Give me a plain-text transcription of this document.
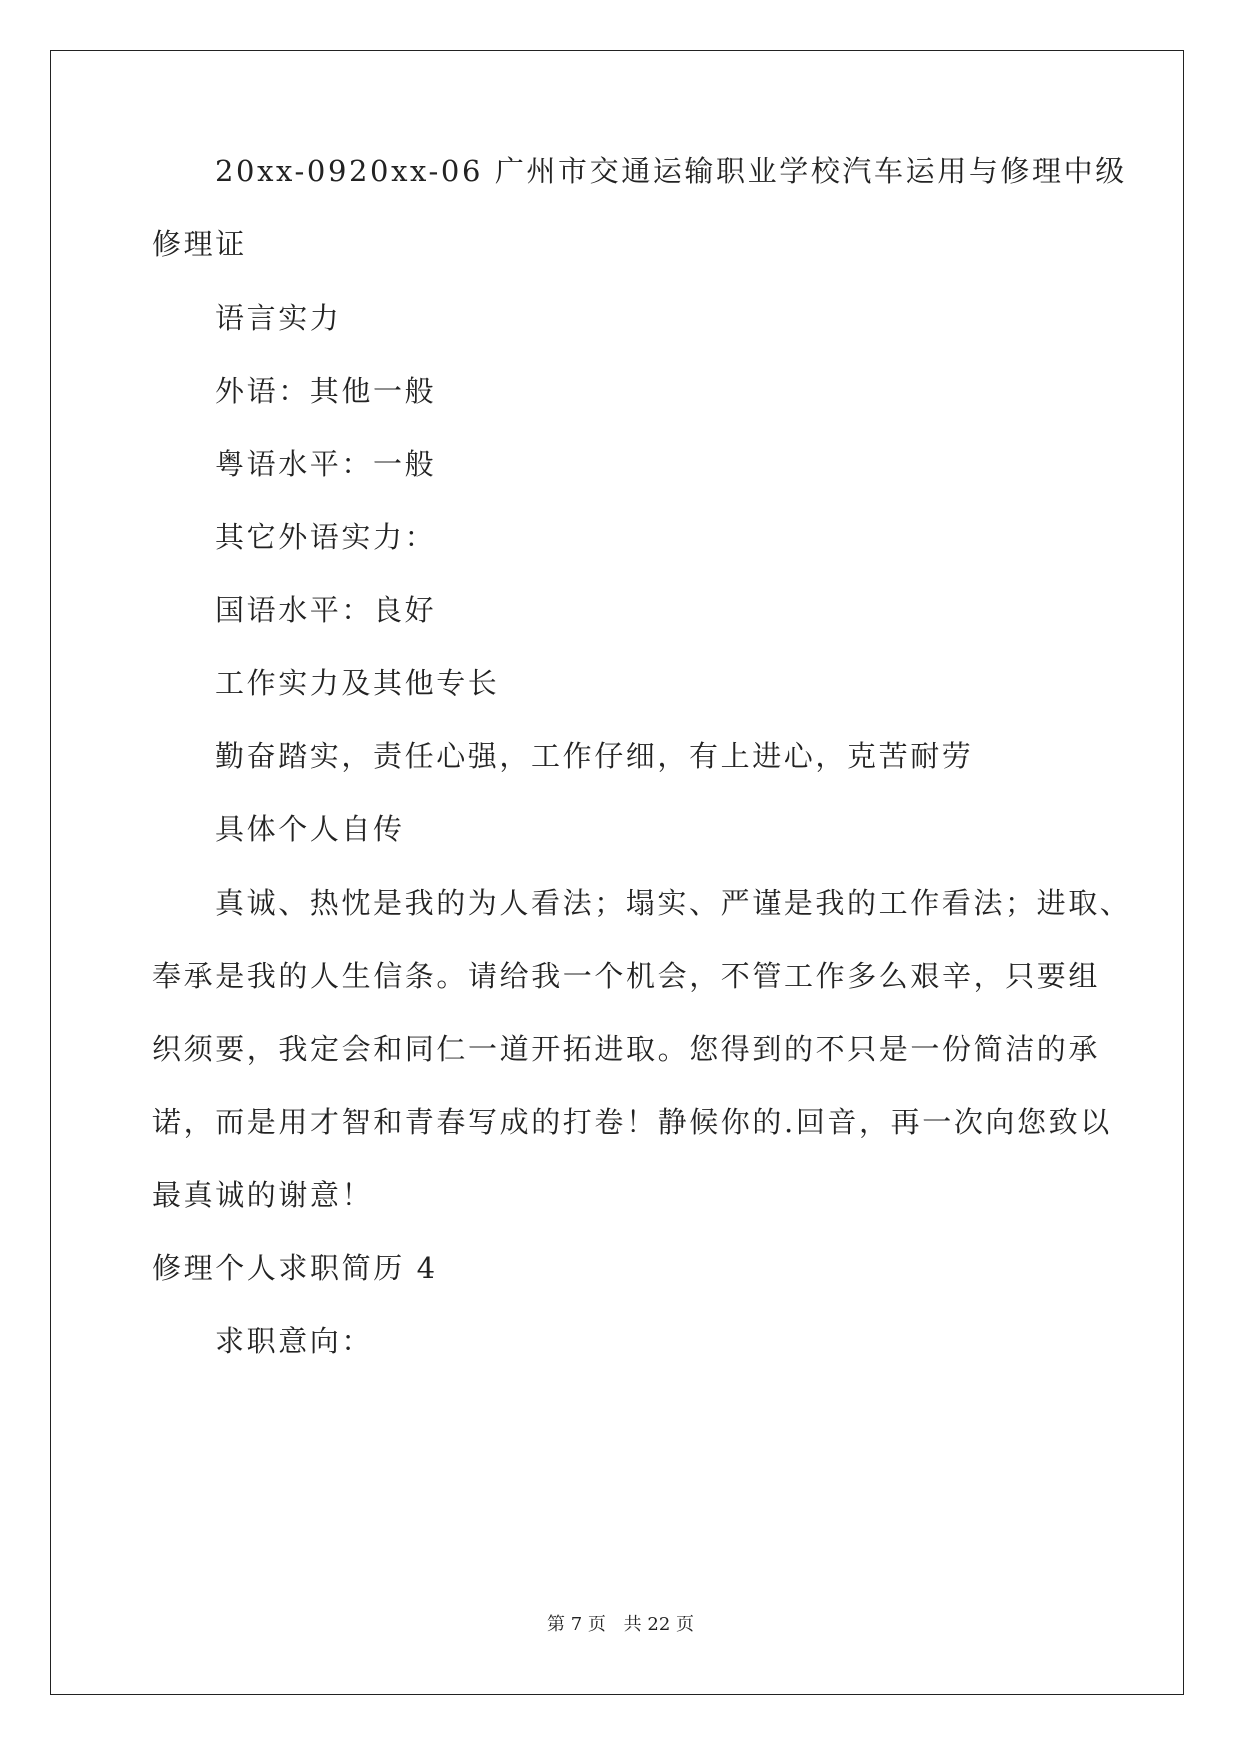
20xx-0920xx-06 广州市交通运输职业学校汽车运用与修理中级
修理证
语言实力
外语：其他一般
粤语水平：一般
其它外语实力：
国语水平：良好
工作实力及其他专长
勤奋踏实，责任心强，工作仔细，有上进心，克苦耐劳
具体个人自传
真诚、热忱是我的为人看法；塌实、严谨是我的工作看法；进取、
奉承是我的人生信条。请给我一个机会，不管工作多么艰辛，只要组
织须要，我定会和同仁一道开拓进取。您得到的不只是一份简洁的承
诺，而是用才智和青春写成的打卷！静候你的.回音，再一次向您致以
最真诚的谢意！
修理个人求职简历 4
求职意向：
第 7 页 共 22 页
